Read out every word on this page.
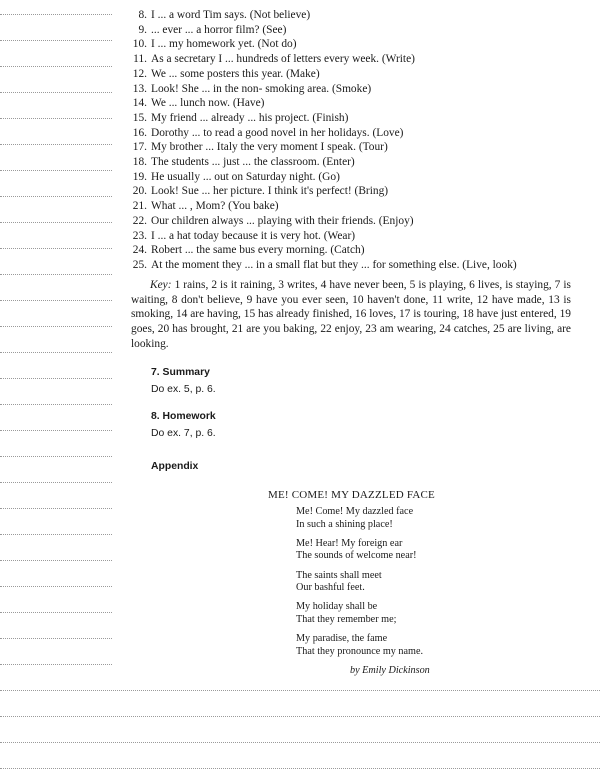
8. I ... a word Tim says. (Not believe)
9. ... ever ... a horror film? (See)
10. I ... my homework yet. (Not do)
11. As a secretary I ... hundreds of letters every week. (Write)
12. We ... some posters this year. (Make)
13. Look! She ... in the non- smoking area. (Smoke)
14. We ... lunch now. (Have)
15. My friend ... already ... his project. (Finish)
16. Dorothy ... to read a good novel in her holidays. (Love)
17. My brother ... Italy the very moment I speak. (Tour)
18. The students ... just ... the classroom. (Enter)
19. He usually ... out on Saturday night. (Go)
20. Look! Sue ... her picture. I think it's perfect! (Bring)
21. What ... , Mom? (You bake)
22. Our children always ... playing with their friends. (Enjoy)
23. I ... a hat today because it is very hot. (Wear)
24. Robert ... the same bus every morning. (Catch)
25. At the moment they ... in a small flat but they ... for something else. (Live, look)
Key: 1 rains, 2 is it raining, 3 writes, 4 have never been, 5 is playing, 6 lives, is staying, 7 is waiting, 8 don't believe, 9 have you ever seen, 10 haven't done, 11 write, 12 have made, 13 is smoking, 14 are having, 15 has already finished, 16 loves, 17 is touring, 18 have just entered, 19 goes, 20 has brought, 21 are you baking, 22 enjoy, 23 am wearing, 24 catches, 25 are living, are looking.
7. Summary
Do ex. 5, p. 6.
8. Homework
Do ex. 7, p. 6.
Appendix
ME! COME! MY DAZZLED FACE
Me! Come! My dazzled face
In such a shining place!
Me! Hear! My foreign ear
The sounds of welcome near!
The saints shall meet
Our bashful feet.
My holiday shall be
That they remember me;
My paradise, the fame
That they pronounce my name.
by Emily Dickinson
